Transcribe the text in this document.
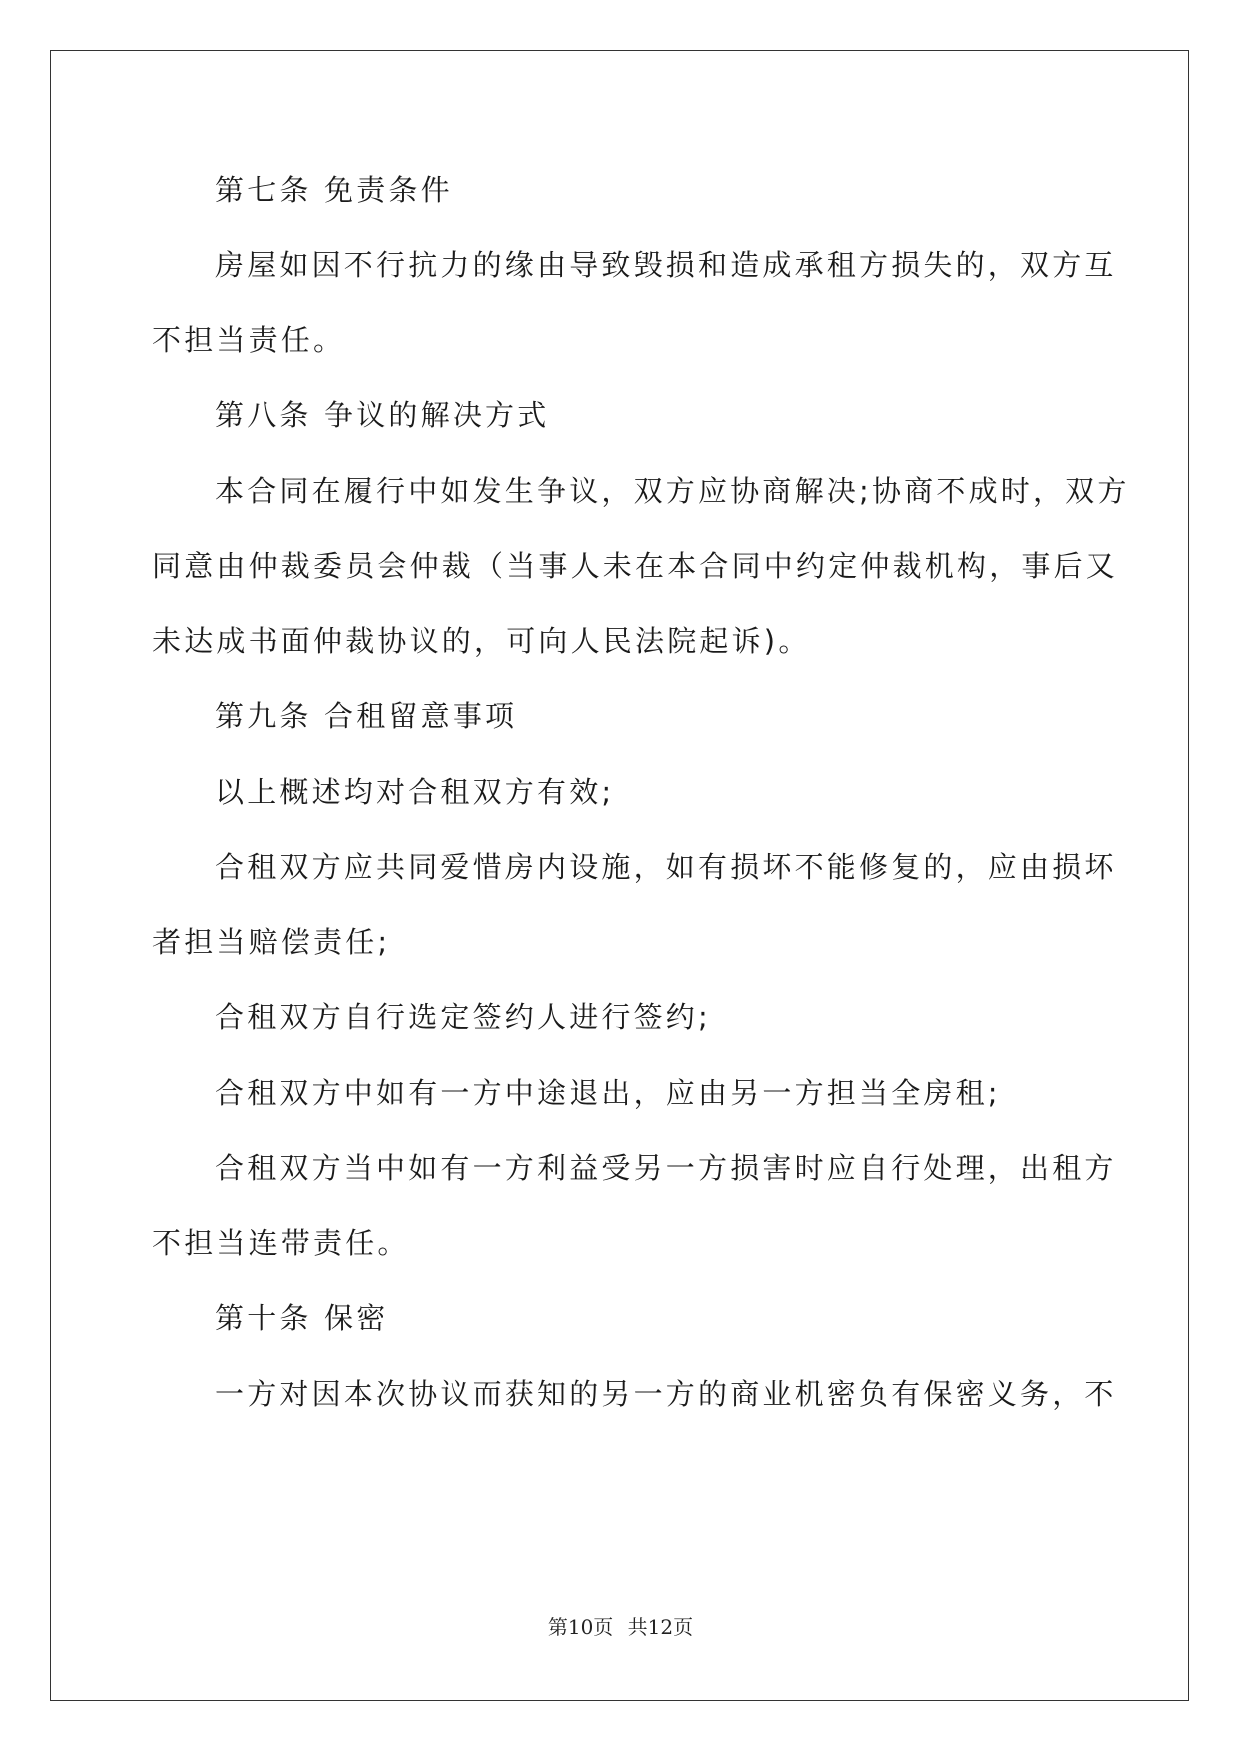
第七条 免责条件
房屋如因不行抗力的缘由导致毁损和造成承租方损失的，双方互
不担当责任。
第八条 争议的解决方式
本合同在履行中如发生争议，双方应协商解决;协商不成时，双方
同意由仲裁委员会仲裁（当事人未在本合同中约定仲裁机构，事后又
未达成书面仲裁协议的，可向人民法院起诉)。
第九条 合租留意事项
以上概述均对合租双方有效;
合租双方应共同爱惜房内设施，如有损坏不能修复的，应由损坏
者担当赔偿责任;
合租双方自行选定签约人进行签约;
合租双方中如有一方中途退出，应由另一方担当全房租;
合租双方当中如有一方利益受另一方损害时应自行处理，出租方
不担当连带责任。
第十条 保密
一方对因本次协议而获知的另一方的商业机密负有保密义务，不
第10页 共12页
